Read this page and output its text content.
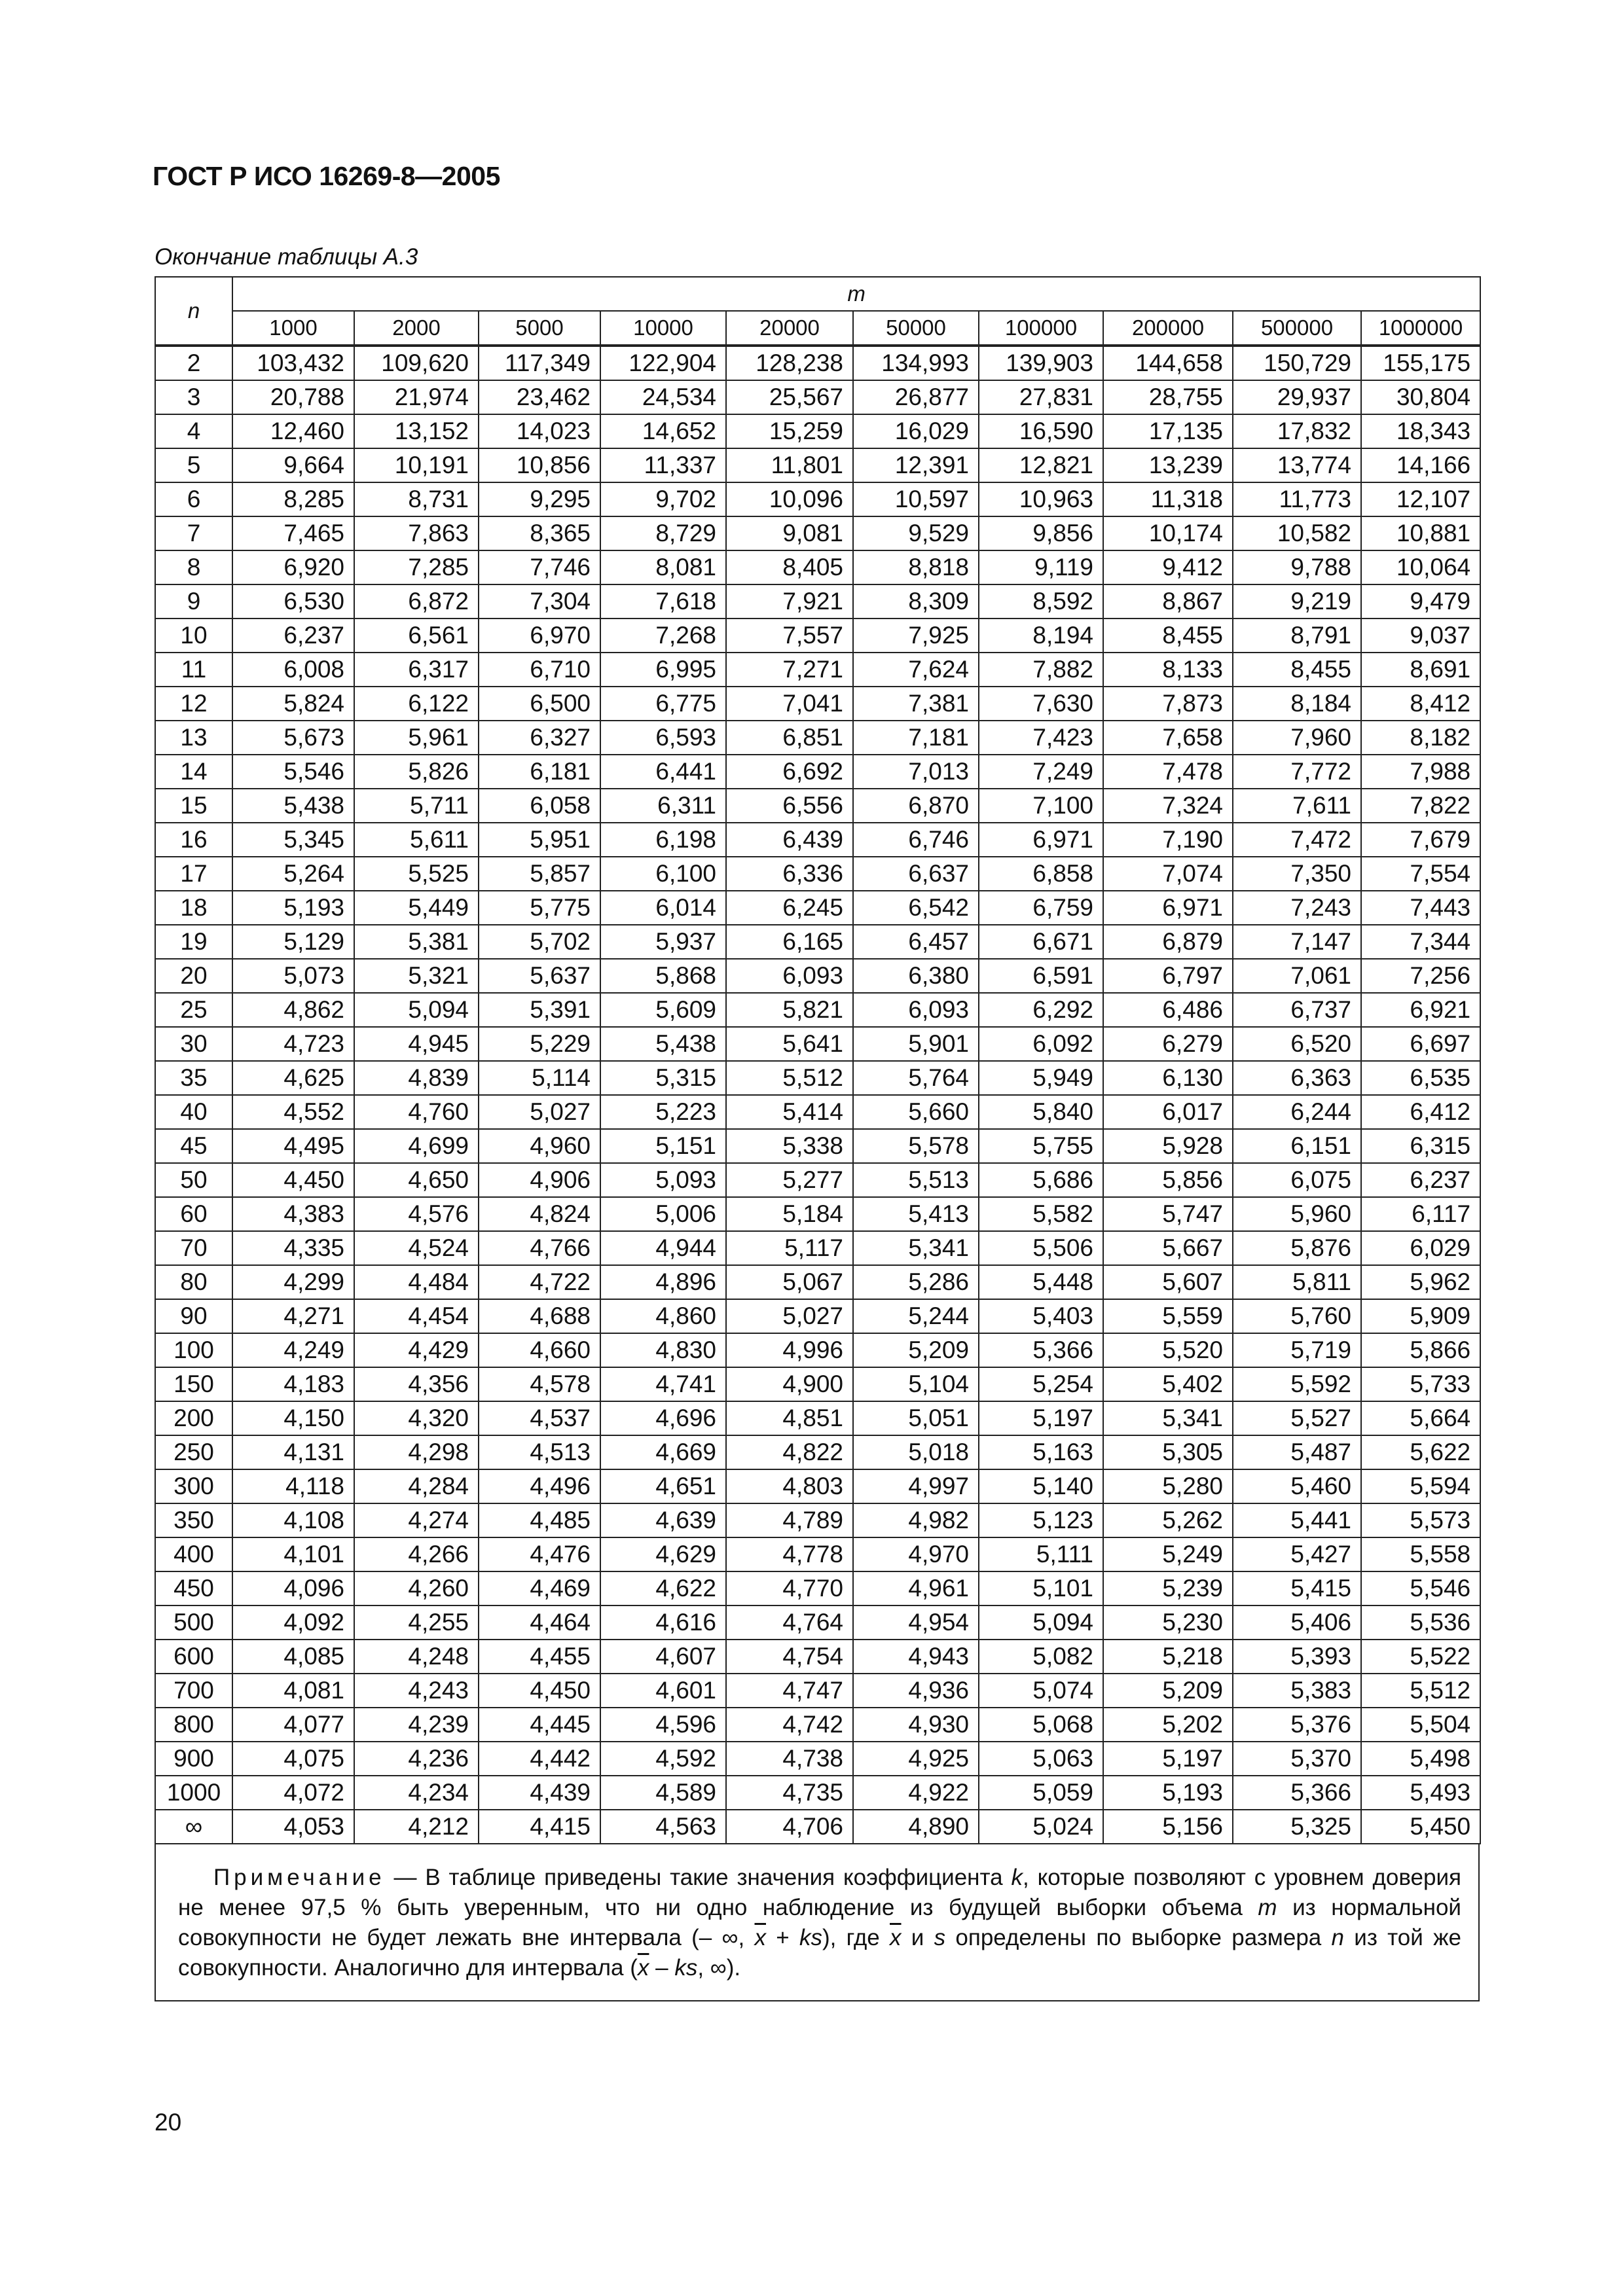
ГОСТ Р ИСО 16269-8—2005
Окончание таблицы А.3
n	m									
	1000	2000	5000	10000	20000	50000	100000	200000	500000	1000000
2	103,432	109,620	117,349	122,904	128,238	134,993	139,903	144,658	150,729	155,175
3	20,788	21,974	23,462	24,534	25,567	26,877	27,831	28,755	29,937	30,804
4	12,460	13,152	14,023	14,652	15,259	16,029	16,590	17,135	17,832	18,343
5	9,664	10,191	10,856	11,337	11,801	12,391	12,821	13,239	13,774	14,166
6	8,285	8,731	9,295	9,702	10,096	10,597	10,963	11,318	11,773	12,107
7	7,465	7,863	8,365	8,729	9,081	9,529	9,856	10,174	10,582	10,881
8	6,920	7,285	7,746	8,081	8,405	8,818	9,119	9,412	9,788	10,064
9	6,530	6,872	7,304	7,618	7,921	8,309	8,592	8,867	9,219	9,479
10	6,237	6,561	6,970	7,268	7,557	7,925	8,194	8,455	8,791	9,037
11	6,008	6,317	6,710	6,995	7,271	7,624	7,882	8,133	8,455	8,691
12	5,824	6,122	6,500	6,775	7,041	7,381	7,630	7,873	8,184	8,412
13	5,673	5,961	6,327	6,593	6,851	7,181	7,423	7,658	7,960	8,182
14	5,546	5,826	6,181	6,441	6,692	7,013	7,249	7,478	7,772	7,988
15	5,438	5,711	6,058	6,311	6,556	6,870	7,100	7,324	7,611	7,822
16	5,345	5,611	5,951	6,198	6,439	6,746	6,971	7,190	7,472	7,679
17	5,264	5,525	5,857	6,100	6,336	6,637	6,858	7,074	7,350	7,554
18	5,193	5,449	5,775	6,014	6,245	6,542	6,759	6,971	7,243	7,443
19	5,129	5,381	5,702	5,937	6,165	6,457	6,671	6,879	7,147	7,344
20	5,073	5,321	5,637	5,868	6,093	6,380	6,591	6,797	7,061	7,256
25	4,862	5,094	5,391	5,609	5,821	6,093	6,292	6,486	6,737	6,921
30	4,723	4,945	5,229	5,438	5,641	5,901	6,092	6,279	6,520	6,697
35	4,625	4,839	5,114	5,315	5,512	5,764	5,949	6,130	6,363	6,535
40	4,552	4,760	5,027	5,223	5,414	5,660	5,840	6,017	6,244	6,412
45	4,495	4,699	4,960	5,151	5,338	5,578	5,755	5,928	6,151	6,315
50	4,450	4,650	4,906	5,093	5,277	5,513	5,686	5,856	6,075	6,237
60	4,383	4,576	4,824	5,006	5,184	5,413	5,582	5,747	5,960	6,117
70	4,335	4,524	4,766	4,944	5,117	5,341	5,506	5,667	5,876	6,029
80	4,299	4,484	4,722	4,896	5,067	5,286	5,448	5,607	5,811	5,962
90	4,271	4,454	4,688	4,860	5,027	5,244	5,403	5,559	5,760	5,909
100	4,249	4,429	4,660	4,830	4,996	5,209	5,366	5,520	5,719	5,866
150	4,183	4,356	4,578	4,741	4,900	5,104	5,254	5,402	5,592	5,733
200	4,150	4,320	4,537	4,696	4,851	5,051	5,197	5,341	5,527	5,664
250	4,131	4,298	4,513	4,669	4,822	5,018	5,163	5,305	5,487	5,622
300	4,118	4,284	4,496	4,651	4,803	4,997	5,140	5,280	5,460	5,594
350	4,108	4,274	4,485	4,639	4,789	4,982	5,123	5,262	5,441	5,573
400	4,101	4,266	4,476	4,629	4,778	4,970	5,111	5,249	5,427	5,558
450	4,096	4,260	4,469	4,622	4,770	4,961	5,101	5,239	5,415	5,546
500	4,092	4,255	4,464	4,616	4,764	4,954	5,094	5,230	5,406	5,536
600	4,085	4,248	4,455	4,607	4,754	4,943	5,082	5,218	5,393	5,522
700	4,081	4,243	4,450	4,601	4,747	4,936	5,074	5,209	5,383	5,512
800	4,077	4,239	4,445	4,596	4,742	4,930	5,068	5,202	5,376	5,504
900	4,075	4,236	4,442	4,592	4,738	4,925	5,063	5,197	5,370	5,498
1000	4,072	4,234	4,439	4,589	4,735	4,922	5,059	5,193	5,366	5,493
∞	4,053	4,212	4,415	4,563	4,706	4,890	5,024	5,156	5,325	5,450
Примечание — В таблице приведены такие значения коэффициента k, которые позволяют с уровнем доверия не менее 97,5 % быть уверенным, что ни одно наблюдение из будущей выборки объема m из нормальной совокупности не будет лежать вне интервала (– ∞, $\overline{x} + ks$), где $\overline{x}$ и s определены по выборке размера n из той же совокупности. Аналогично для интервала ($\overline{x}$ – ks, ∞).
20
